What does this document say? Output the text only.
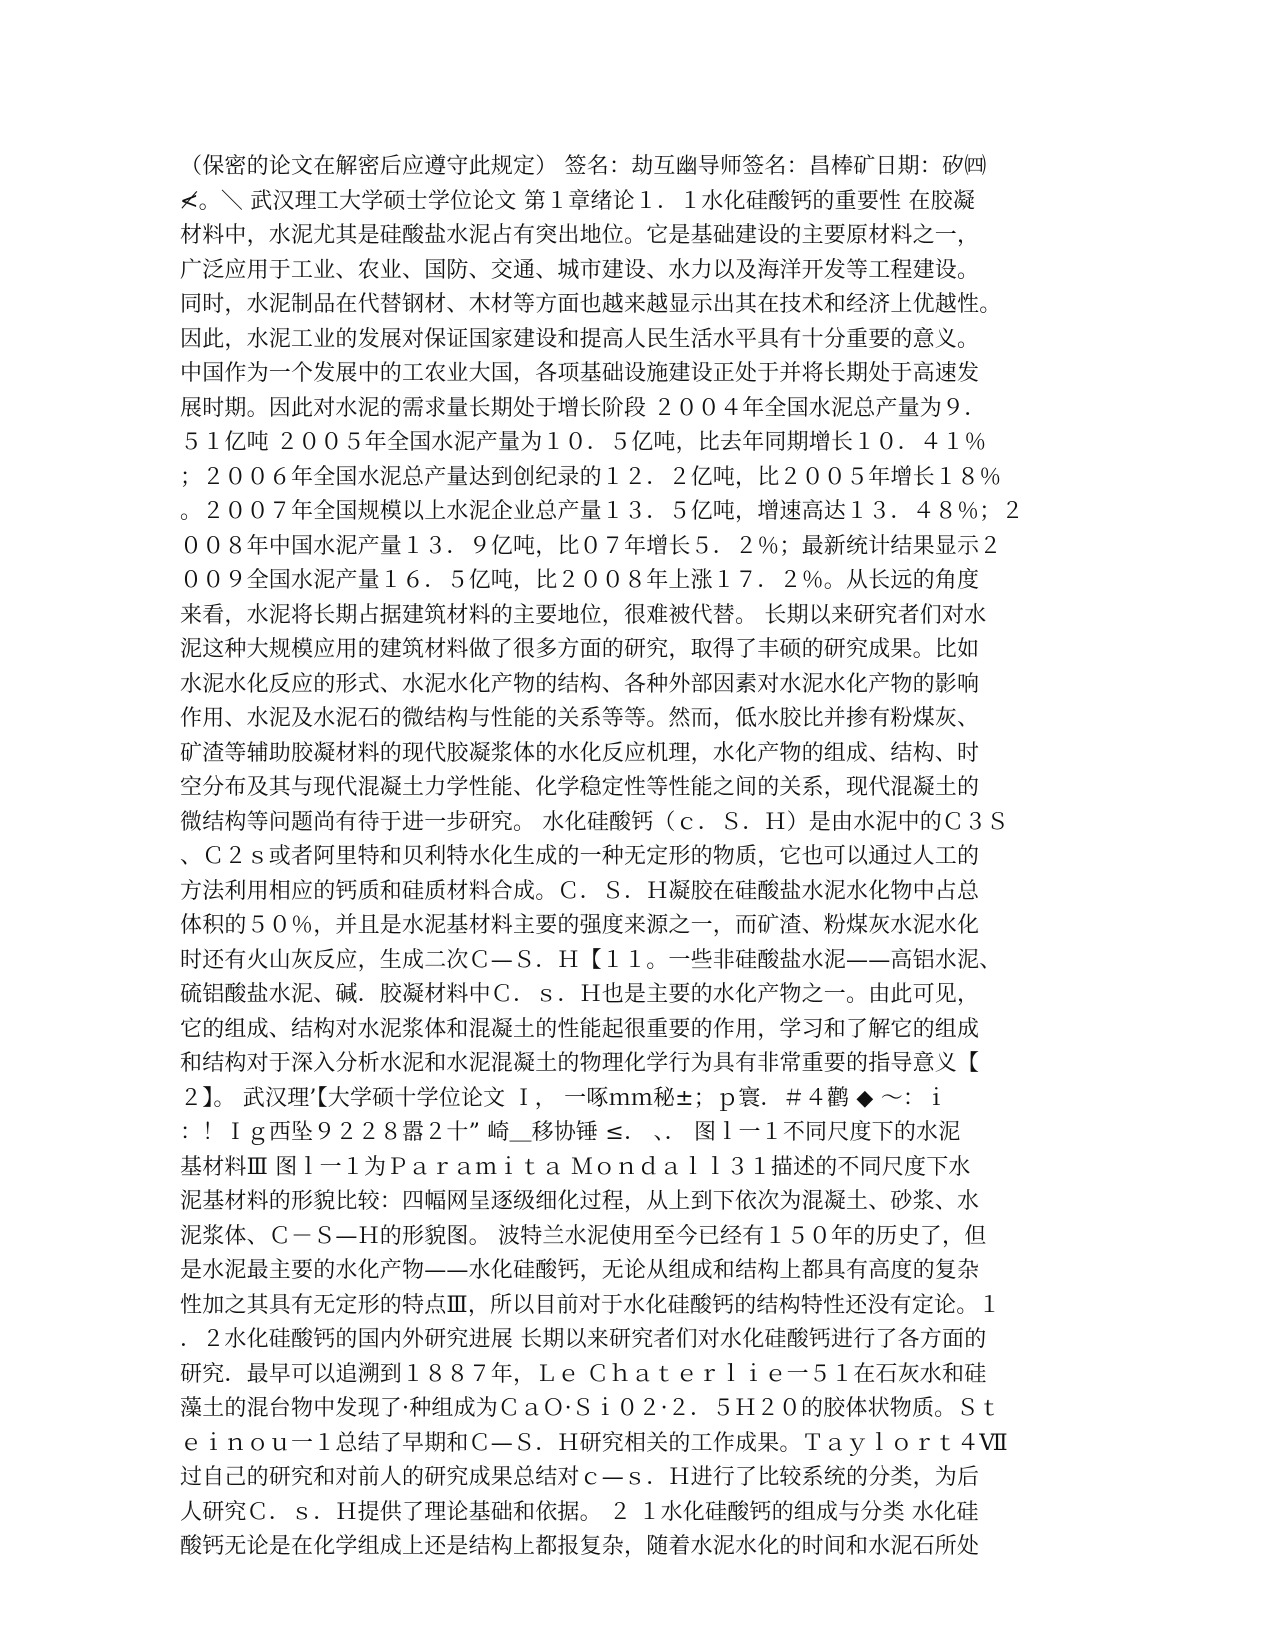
（保密的论文在解密后应遵守此规定） 签名：劫互幽导师签名：昌棒矿日期：矽㈣
≮。＼ 武汉理工大学硕士学位论文 第１章绪论１．１水化硅酸钙的重要性 在胶凝
材料中，水泥尤其是硅酸盐水泥占有突出地位。它是基础建设的主要原材料之一，
广泛应用于工业、农业、国防、交通、城市建设、水力以及海洋开发等工程建设。
同时，水泥制品在代替钢材、木材等方面也越来越显示出其在技术和经济上优越性。
因此，水泥工业的发展对保证国家建设和提高人民生活水平具有十分重要的意义。
中国作为一个发展中的工农业大国，各项基础设施建设正处于并将长期处于高速发
展时期。因此对水泥的需求量长期处于增长阶段 ２００４年全国水泥总产量为９．
５１亿吨 ２００５年全国水泥产量为１０．５亿吨，比去年同期增长１０．４１％
；２００６年全国水泥总产量达到创纪录的１２．２亿吨，比２００５年增长１８％
。２００７年全国规模以上水泥企业总产量１３．５亿吨，增速高达１３．４８％；２
００８年中国水泥产量１３．９亿吨，比０７年增长５．２％；最新统计结果显示２
００９全国水泥产量１６．５亿吨，比２００８年上涨１７．２％。从长远的角度
来看，水泥将长期占据建筑材料的主要地位，很难被代替。 长期以来研究者们对水
泥这种大规模应用的建筑材料做了很多方面的研究，取得了丰硕的研究成果。比如
水泥水化反应的形式、水泥水化产物的结构、各种外部因素对水泥水化产物的影响
作用、水泥及水泥石的微结构与性能的关系等等。然而，低水胶比并掺有粉煤灰、
矿渣等辅助胶凝材料的现代胶凝浆体的水化反应机理，水化产物的组成、结构、时
空分布及其与现代混凝土力学性能、化学稳定性等性能之间的关系，现代混凝土的
微结构等问题尚有待于进一步研究。 水化硅酸钙（ｃ．Ｓ．Ｈ）是由水泥中的Ｃ３Ｓ
、Ｃ２ｓ或者阿里特和贝利特水化生成的一种无定形的物质，它也可以通过人工的
方法利用相应的钙质和硅质材料合成。Ｃ．Ｓ．Ｈ凝胶在硅酸盐水泥水化物中占总
体积的５０％，并且是水泥基材料主要的强度来源之一，而矿渣、粉煤灰水泥水化
时还有火山灰反应，生成二次Ｃ—Ｓ．Ｈ【１１。一些非硅酸盐水泥——高铝水泥、
硫铝酸盐水泥、碱．胶凝材料中Ｃ．ｓ．Ｈ也是主要的水化产物之一。由此可见，
它的组成、结构对水泥浆体和混凝土的性能起很重要的作用，学习和了解它的组成
和结构对于深入分析水泥和水泥混凝土的物理化学行为具有非常重要的指导意义【
２】。 武汉理’【大学硕十学位论文 Ｉ， 一啄ｍｍ秘±；ｐ寰．＃４鹳 ◆ ～：ｉ
：！Ｉｇ西坠９２２８嚣２十” 崎＿移协锤 ≤． 、． 图ｌ一１不同尺度下的水泥
基材料Ⅲ 图ｌ一１为Ｐａｒａｍｉｔａ Ｍｏｎｄａｌｌ３１描述的不同尺度下水
泥基材料的形貌比较：四幅网呈逐级细化过程，从上到下依次为混凝土、砂浆、水
泥浆体、Ｃ－Ｓ—Ｈ的形貌图。 波特兰水泥使用至今已经有１５０年的历史了，但
是水泥最主要的水化产物——水化硅酸钙，无论从组成和结构上都具有高度的复杂
性加之其具有无定形的特点Ⅲ，所以目前对于水化硅酸钙的结构特性还没有定论。１
．２水化硅酸钙的国内外研究进展 长期以来研究者们对水化硅酸钙进行了各方面的
研究．最早可以追溯到１８８７年，Ｌｅ Ｃｈａｔｅｒｌｉｅ一５１在石灰水和硅
藻土的混台物中发现了·种组成为ＣａＯ·Ｓｉ０２·２．５Ｈ２０的胶体状物质。Ｓｔ
ｅｉｎｏｕ一１总结了早期和Ｃ—Ｓ．Ｈ研究相关的工作成果。Ｔａｙｌｏｒｔ４Ⅶ
过自己的研究和对前人的研究成果总结对ｃ—ｓ．Ｈ进行了比较系统的分类，为后
人研究Ｃ．ｓ．Ｈ提供了理论基础和依据。 ２ １水化硅酸钙的组成与分类 水化硅
酸钙无论是在化学组成上还是结构上都报复杂，随着水泥水化的时间和水泥石所处
